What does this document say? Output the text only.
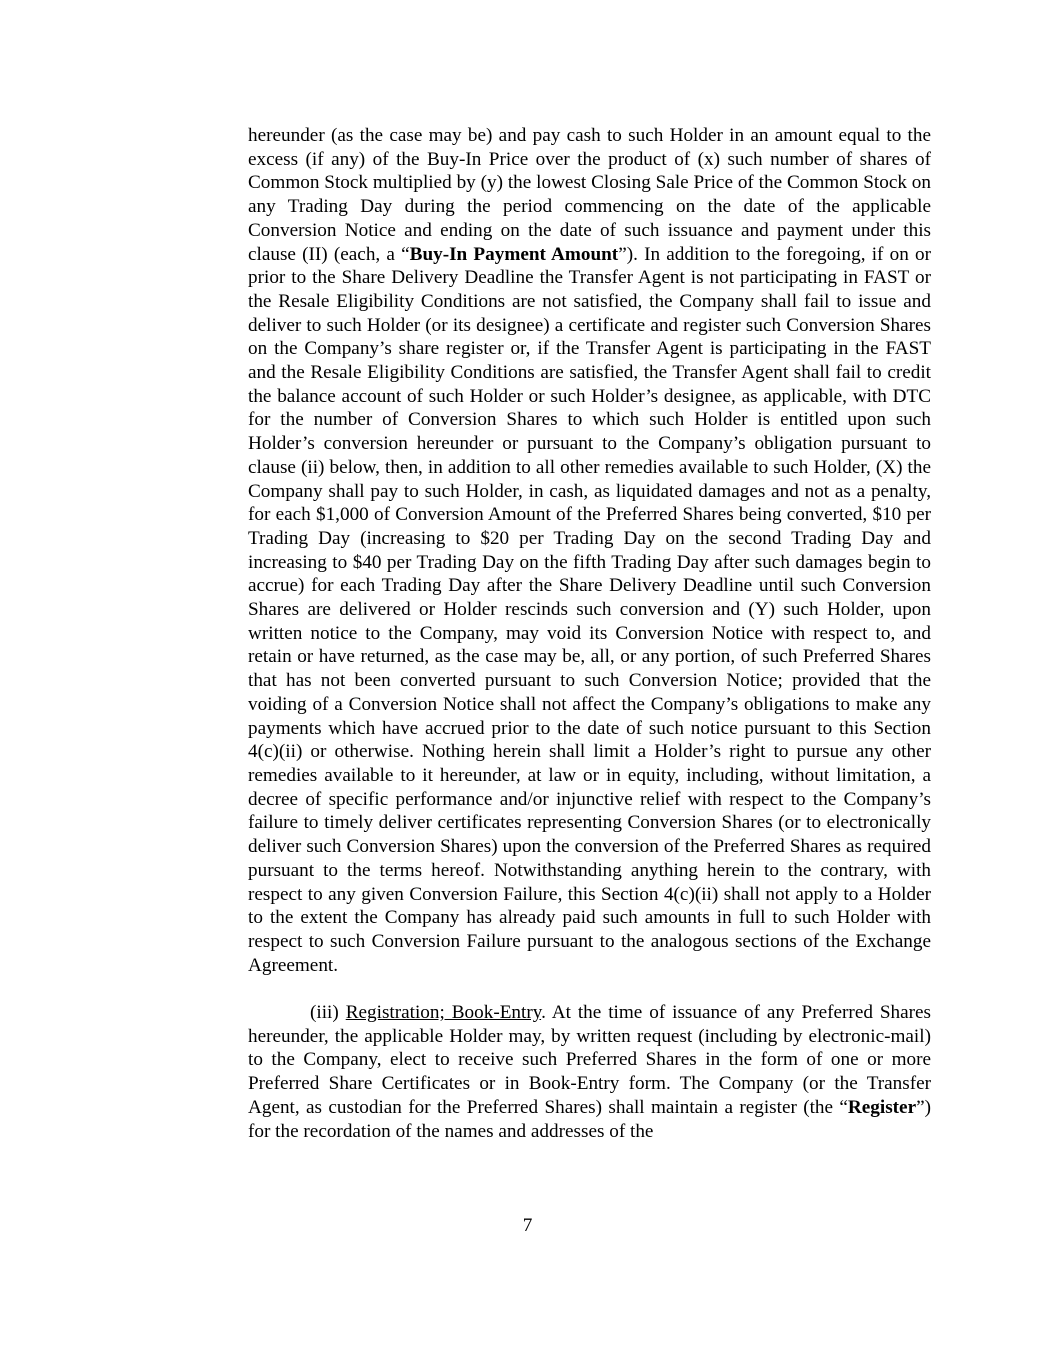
hereunder (as the case may be) and pay cash to such Holder in an amount equal to the excess (if any) of the Buy-In Price over the product of (x) such number of shares of Common Stock multiplied by (y) the lowest Closing Sale Price of the Common Stock on any Trading Day during the period commencing on the date of the applicable Conversion Notice and ending on the date of such issuance and payment under this clause (II) (each, a “Buy-In Payment Amount”). In addition to the foregoing, if on or prior to the Share Delivery Deadline the Transfer Agent is not participating in FAST or the Resale Eligibility Conditions are not satisfied, the Company shall fail to issue and deliver to such Holder (or its designee) a certificate and register such Conversion Shares on the Company’s share register or, if the Transfer Agent is participating in the FAST and the Resale Eligibility Conditions are satisfied, the Transfer Agent shall fail to credit the balance account of such Holder or such Holder’s designee, as applicable, with DTC for the number of Conversion Shares to which such Holder is entitled upon such Holder’s conversion hereunder or pursuant to the Company’s obligation pursuant to clause (ii) below, then, in addition to all other remedies available to such Holder, (X) the Company shall pay to such Holder, in cash, as liquidated damages and not as a penalty, for each $1,000 of Conversion Amount of the Preferred Shares being converted, $10 per Trading Day (increasing to $20 per Trading Day on the second Trading Day and increasing to $40 per Trading Day on the fifth Trading Day after such damages begin to accrue) for each Trading Day after the Share Delivery Deadline until such Conversion Shares are delivered or Holder rescinds such conversion and (Y) such Holder, upon written notice to the Company, may void its Conversion Notice with respect to, and retain or have returned, as the case may be, all, or any portion, of such Preferred Shares that has not been converted pursuant to such Conversion Notice; provided that the voiding of a Conversion Notice shall not affect the Company’s obligations to make any payments which have accrued prior to the date of such notice pursuant to this Section 4(c)(ii) or otherwise. Nothing herein shall limit a Holder’s right to pursue any other remedies available to it hereunder, at law or in equity, including, without limitation, a decree of specific performance and/or injunctive relief with respect to the Company’s failure to timely deliver certificates representing Conversion Shares (or to electronically deliver such Conversion Shares) upon the conversion of the Preferred Shares as required pursuant to the terms hereof. Notwithstanding anything herein to the contrary, with respect to any given Conversion Failure, this Section 4(c)(ii) shall not apply to a Holder to the extent the Company has already paid such amounts in full to such Holder with respect to such Conversion Failure pursuant to the analogous sections of the Exchange Agreement.

(iii) Registration; Book-Entry. At the time of issuance of any Preferred Shares hereunder, the applicable Holder may, by written request (including by electronic-mail) to the Company, elect to receive such Preferred Shares in the form of one or more Preferred Share Certificates or in Book-Entry form. The Company (or the Transfer Agent, as custodian for the Preferred Shares) shall maintain a register (the “Register”) for the recordation of the names and addresses of the

7
